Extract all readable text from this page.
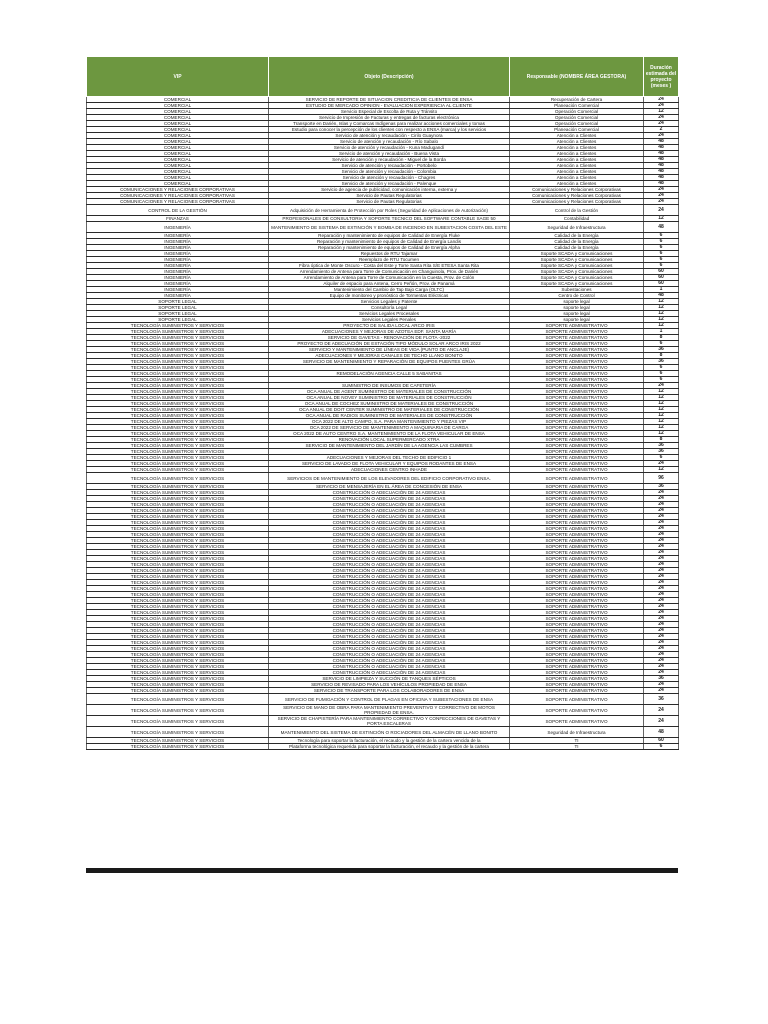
VIP	Objeto (Descripción)	Responsable (NOMBRE ÁREA GESTORA)	Duración estimada del proyecto (meses )
COMERCIAL	SERVICIO DE REPORTE DE SITUACION CREDITICIA DE CLIENTES DE ENSA	Recuperación de Cartera	24
COMERCIAL	ESTUDIO DE MERCADO OPINION - EVALUACION EXPERIENCIA AL CLIENTE	Planeación Comercial	24
COMERCIAL	Servicio Especial de Escolta de Ruta y Tránsito	Operación Comercial	12
COMERCIAL	Servicio de Impresión de Facturas y entregas de facturas electrónica	Operación Comercial	24
COMERCIAL	Transporte en Darién, Islas y Comarcas Indígenas para realizar acciones comerciales y tomas	Operación Comercial	24
COMERCIAL	Estudio para conocer la percepción de los clientes con respecto a ENSA (marca) y los servicios	Planeación Comercial	2
COMERCIAL	Servicio de atención y recaudación - Cirilo Guaynora	Atención a Clientes	24
COMERCIAL	Servicio de atención y recaudación - Río Sabalo	Atención a Clientes	48
COMERCIAL	Servicio de atención y recaudación - Kuna Madugandí	Atención a Clientes	48
COMERCIAL	Servicio de atención y recaudación - Buena Vista	Atención a Clientes	48
COMERCIAL	Servicio de atención y recaudación - Miguel de la Borda	Atención a Clientes	48
COMERCIAL	Servicio de atención y recaudación - Portobelo	Atención a Clientes	48
COMERCIAL	Servicio de atención y recaudación - Colombia	Atención a Clientes	48
COMERCIAL	Servicio de atención y recaudación - Chagres	Atención a Clientes	48
COMERCIAL	Servicio de atención y recaudación - Palenque	Atención a Clientes	48
COMUNICACIONES Y RELACIONES CORPORATIVAS	Servicio de agencia de publicidad, comunicación interna, externa y	Comunicaciones y Relaciones Corporativas	24
COMUNICACIONES Y RELACIONES CORPORATIVAS	Servicio de Pautas Regulatorias	Comunicaciones y Relaciones Corporativas	24
COMUNICACIONES Y RELACIONES CORPORATIVAS	Servicio de Pautas Regulatorias	Comunicaciones y Relaciones Corporativas	24
CONTROL DE LA GESTIÓN	Adquisición de Herramienta de Protección por Roles (Seguridad de Aplicaciones de Autorización)	Control de la Gestión	24
FINANZAS	PROFESIONALES DE CONSULTORIA Y SOPORTE TECNICO DEL SOFTWARE CONTABLE SAGE 50	Contabilidad	12
INGENIERÍA	MANTENIMIENTO DE SISTEMA DE EXTINCIÓN Y BOMBA DE INCENDIO EN SUBESTACION COSTA DEL ESTE	Seguridad de Infraestructura	48
INGENIERÍA	Reparación y mantenimiento de equipos de Calidad de Energía Fluke	Calidad de la Energía	6
INGENIERÍA	Reparación y mantenimiento de equipos de Calidad de Energía Landis	Calidad de la Energía	6
INGENIERÍA	Reparación y mantenimiento de equipos de Calidad de Energía Alpha	Calidad de la Energía	6
INGENIERÍA	Repuestos de RTU Tajamar	Soporte SCADA y Comunicaciones	6
INGENIERÍA	Reemplazo de RTU Tocumen	Soporte SCADA y Comunicaciones	6
INGENIERÍA	Fibra óptica de Monte Oscuro - Costa del Este y Torre Santa Rita S/E ETESA Santa Rita	Soporte SCADA y Comunicaciones	6
INGENIERÍA	Arrendamiento de Antena para Torre de Comunicación en Changuinola, Prov. de Darién	Soporte SCADA y Comunicaciones	60
INGENIERÍA	Arrendamiento de Antena para Torre de Comunicación en la Cuesta, Prov. de Colón	Soporte SCADA y Comunicaciones	60
INGENIERÍA	Alquiler de espacio para Antena, Cerro Peñón, Prov. de Panamá	Soporte SCADA y Comunicaciones	60
INGENIERÍA	Mantenimiento del Cambio de Tap Bajo Carga (OLTC)	Subestaciones	1
INGENIERÍA	Equipo de monitoreo y pronóstico de Tormentas Eléctricas	Centro de Control	48
SOPORTE LEGAL	Servicios Legales y Patente	soporte legal	12
SOPORTE LEGAL	Consultoría Legal	soporte legal	12
SOPORTE LEGAL	Servicios Legales Procesales	soporte legal	12
SOPORTE LEGAL	Servicios Legales Penales	soporte legal	12
TECNOLOGÍA SUMINISTROS Y SERVICIOS	PROYECTO DE SALIDA LOCAL ARCO IRIS	SOPORTE ADMINISTRATIVO	12
TECNOLOGÍA SUMINISTROS Y SERVICIOS	ADECUACIONES Y MEJORAS DE AZOTEA EDF. SANTA MARÍA	SOPORTE ADMINISTRATIVO	1
TECNOLOGÍA SUMINISTROS Y SERVICIOS	SERVICIO DE GAVETAS - RENOVACIÓN DE FLOTA -2022	SOPORTE ADMINISTRATIVO	8
TECNOLOGÍA SUMINISTROS Y SERVICIOS	PROYECTO DE ADECUACIÓN DE ESTACIÓN TIPO MÓDULO SOLAR ARCO IRIS 2022	SOPORTE ADMINISTRATIVO	6
TECNOLOGÍA SUMINISTROS Y SERVICIOS	SERVICIO Y MANTENIMIENTO DE LÍNEAS DE VIDA (PUNTO DE ANCLAJE)	SOPORTE ADMINISTRATIVO	36
TECNOLOGÍA SUMINISTROS Y SERVICIOS	ADECUACIONES Y MEJORAS CANALES DE TECHO LLANO BONITO	SOPORTE ADMINISTRATIVO	8
TECNOLOGÍA SUMINISTROS Y SERVICIOS	SERVICIO DE MANTENIMIENTO Y REPARACIÓN DE EQUIPOS PUENTES GRÚA	SOPORTE ADMINISTRATIVO	36
TECNOLOGÍA SUMINISTROS Y SERVICIOS		SOPORTE ADMINISTRATIVO	6
TECNOLOGÍA SUMINISTROS Y SERVICIOS	REMODELACIÓN AGENCIA CALLE 5 SABANITAS	SOPORTE ADMINISTRATIVO	6
TECNOLOGÍA SUMINISTROS Y SERVICIOS		SOPORTE ADMINISTRATIVO	6
TECNOLOGÍA SUMINISTROS Y SERVICIOS	SUMINISTRO DE INSUMOS DE CAFETERÍA	SOPORTE ADMINISTRATIVO	24
TECNOLOGÍA SUMINISTROS Y SERVICIOS	OCA ANUAL DE AGENT SUMINISTRO DE MATERIALES DE CONSTRUCCIÓN	SOPORTE ADMINISTRATIVO	12
TECNOLOGÍA SUMINISTROS Y SERVICIOS	OCA ANUAL DE NOVEY SUMINISTRO DE MATERIALES DE CONSTRUCCIÓN	SOPORTE ADMINISTRATIVO	12
TECNOLOGÍA SUMINISTROS Y SERVICIOS	OCA ANUAL DE COCHEZ SUMINISTRO DE MATERIALES DE CONSTRUCCIÓN	SOPORTE ADMINISTRATIVO	12
TECNOLOGÍA SUMINISTROS Y SERVICIOS	OCA ANUAL DE DOIT CENTER SUMINISTRO DE MATERIALES DE CONSTRUCCIÓN	SOPORTE ADMINISTRATIVO	12
TECNOLOGÍA SUMINISTROS Y SERVICIOS	OCA ANUAL DE RADIOS SUMINISTRO DE MATERIALES DE CONSTRUCCIÓN	SOPORTE ADMINISTRATIVO	12
TECNOLOGÍA SUMINISTROS Y SERVICIOS	OCA 2022 DE ALTO CAMPO, S.A. PARA MANTENIMIENTO Y PIEZAS VIP	SOPORTE ADMINISTRATIVO	12
TECNOLOGÍA SUMINISTROS Y SERVICIOS	OCA 2022 DE SERVICIO DE MANTENIMIENTO A MAQUINARIA DE CARGA	SOPORTE ADMINISTRATIVO	12
TECNOLOGÍA SUMINISTROS Y SERVICIOS	OCA 2022 DE AUTO CENTRO S.A. MANTENIMIENTO DE LA FLOTA VEHICULAR DE ENSA	SOPORTE ADMINISTRATIVO	12
TECNOLOGÍA SUMINISTROS Y SERVICIOS	RENOVACIÓN LOCAL SUPERMERCADO XTRA	SOPORTE ADMINISTRATIVO	8
TECNOLOGÍA SUMINISTROS Y SERVICIOS	SERVICIO DE MANTENIMIENTO DEL JARDÍN DE LA AGENCIA LAS CUMBRES	SOPORTE ADMINISTRATIVO	36
TECNOLOGÍA SUMINISTROS Y SERVICIOS		SOPORTE ADMINISTRATIVO	36
TECNOLOGÍA SUMINISTROS Y SERVICIOS	ADECUACIONES Y MEJORAS DEL TECHO DE EDIFICIO 1	SOPORTE ADMINISTRATIVO	6
TECNOLOGÍA SUMINISTROS Y SERVICIOS	SERVICIO DE LAVADO DE FLOTA VEHICULAR Y EQUIPOS RODANTES DE ENSA	SOPORTE ADMINISTRATIVO	24
TECNOLOGÍA SUMINISTROS Y SERVICIOS	ADECUACIONES CENTRO INHADE	SOPORTE ADMINISTRATIVO	12
TECNOLOGÍA SUMINISTROS Y SERVICIOS	SERVICIOS DE MANTENIMIENTO DE LOS ELEVADORES DEL EDIFICIO CORPORATIVO ENSA.	SOPORTE ADMINISTRATIVO	96
TECNOLOGÍA SUMINISTROS Y SERVICIOS	SERVICIO DE MENSAJERÍA EN EL ÁREA DE CONCESIÓN DE ENSA	SOPORTE ADMINISTRATIVO	36
TECNOLOGÍA SUMINISTROS Y SERVICIOS	CONSTRUCCIÓN O ADECUACIÓN DE 24 AGENCIAS	SOPORTE ADMINISTRATIVO	24
TECNOLOGÍA SUMINISTROS Y SERVICIOS	CONSTRUCCIÓN O ADECUACIÓN DE 24 AGENCIAS	SOPORTE ADMINISTRATIVO	24
TECNOLOGÍA SUMINISTROS Y SERVICIOS	CONSTRUCCIÓN O ADECUACIÓN DE 24 AGENCIAS	SOPORTE ADMINISTRATIVO	24
TECNOLOGÍA SUMINISTROS Y SERVICIOS	CONSTRUCCIÓN O ADECUACIÓN DE 24 AGENCIAS	SOPORTE ADMINISTRATIVO	24
TECNOLOGÍA SUMINISTROS Y SERVICIOS	CONSTRUCCIÓN O ADECUACIÓN DE 24 AGENCIAS	SOPORTE ADMINISTRATIVO	24
TECNOLOGÍA SUMINISTROS Y SERVICIOS	CONSTRUCCIÓN O ADECUACIÓN DE 24 AGENCIAS	SOPORTE ADMINISTRATIVO	24
TECNOLOGÍA SUMINISTROS Y SERVICIOS	CONSTRUCCIÓN O ADECUACIÓN DE 24 AGENCIAS	SOPORTE ADMINISTRATIVO	24
TECNOLOGÍA SUMINISTROS Y SERVICIOS	CONSTRUCCIÓN O ADECUACIÓN DE 24 AGENCIAS	SOPORTE ADMINISTRATIVO	24
TECNOLOGÍA SUMINISTROS Y SERVICIOS	CONSTRUCCIÓN O ADECUACIÓN DE 24 AGENCIAS	SOPORTE ADMINISTRATIVO	24
TECNOLOGÍA SUMINISTROS Y SERVICIOS	CONSTRUCCIÓN O ADECUACIÓN DE 24 AGENCIAS	SOPORTE ADMINISTRATIVO	24
TECNOLOGÍA SUMINISTROS Y SERVICIOS	CONSTRUCCIÓN O ADECUACIÓN DE 24 AGENCIAS	SOPORTE ADMINISTRATIVO	24
TECNOLOGÍA SUMINISTROS Y SERVICIOS	CONSTRUCCIÓN O ADECUACIÓN DE 24 AGENCIAS	SOPORTE ADMINISTRATIVO	24
TECNOLOGÍA SUMINISTROS Y SERVICIOS	CONSTRUCCIÓN O ADECUACIÓN DE 24 AGENCIAS	SOPORTE ADMINISTRATIVO	24
TECNOLOGÍA SUMINISTROS Y SERVICIOS	CONSTRUCCIÓN O ADECUACIÓN DE 24 AGENCIAS	SOPORTE ADMINISTRATIVO	24
TECNOLOGÍA SUMINISTROS Y SERVICIOS	CONSTRUCCIÓN O ADECUACIÓN DE 24 AGENCIAS	SOPORTE ADMINISTRATIVO	24
TECNOLOGÍA SUMINISTROS Y SERVICIOS	CONSTRUCCIÓN O ADECUACIÓN DE 24 AGENCIAS	SOPORTE ADMINISTRATIVO	24
TECNOLOGÍA SUMINISTROS Y SERVICIOS	CONSTRUCCIÓN O ADECUACIÓN DE 24 AGENCIAS	SOPORTE ADMINISTRATIVO	24
TECNOLOGÍA SUMINISTROS Y SERVICIOS	CONSTRUCCIÓN O ADECUACIÓN DE 24 AGENCIAS	SOPORTE ADMINISTRATIVO	24
TECNOLOGÍA SUMINISTROS Y SERVICIOS	CONSTRUCCIÓN O ADECUACIÓN DE 24 AGENCIAS	SOPORTE ADMINISTRATIVO	24
TECNOLOGÍA SUMINISTROS Y SERVICIOS	CONSTRUCCIÓN O ADECUACIÓN DE 24 AGENCIAS	SOPORTE ADMINISTRATIVO	24
TECNOLOGÍA SUMINISTROS Y SERVICIOS	CONSTRUCCIÓN O ADECUACIÓN DE 24 AGENCIAS	SOPORTE ADMINISTRATIVO	24
TECNOLOGÍA SUMINISTROS Y SERVICIOS	CONSTRUCCIÓN O ADECUACIÓN DE 24 AGENCIAS	SOPORTE ADMINISTRATIVO	24
TECNOLOGÍA SUMINISTROS Y SERVICIOS	CONSTRUCCIÓN O ADECUACIÓN DE 24 AGENCIAS	SOPORTE ADMINISTRATIVO	24
TECNOLOGÍA SUMINISTROS Y SERVICIOS	CONSTRUCCIÓN O ADECUACIÓN DE 24 AGENCIAS	SOPORTE ADMINISTRATIVO	24
TECNOLOGÍA SUMINISTROS Y SERVICIOS	CONSTRUCCIÓN O ADECUACIÓN DE 24 AGENCIAS	SOPORTE ADMINISTRATIVO	24
TECNOLOGÍA SUMINISTROS Y SERVICIOS	CONSTRUCCIÓN O ADECUACIÓN DE 24 AGENCIAS	SOPORTE ADMINISTRATIVO	24
TECNOLOGÍA SUMINISTROS Y SERVICIOS	CONSTRUCCIÓN O ADECUACIÓN DE 24 AGENCIAS	SOPORTE ADMINISTRATIVO	24
TECNOLOGÍA SUMINISTROS Y SERVICIOS	CONSTRUCCIÓN O ADECUACIÓN DE 24 AGENCIAS	SOPORTE ADMINISTRATIVO	24
TECNOLOGÍA SUMINISTROS Y SERVICIOS	CONSTRUCCIÓN O ADECUACIÓN DE 24 AGENCIAS	SOPORTE ADMINISTRATIVO	24
TECNOLOGÍA SUMINISTROS Y SERVICIOS	CONSTRUCCIÓN O ADECUACIÓN DE 24 AGENCIAS	SOPORTE ADMINISTRATIVO	24
TECNOLOGÍA SUMINISTROS Y SERVICIOS	CONSTRUCCIÓN O ADECUACIÓN DE 24 AGENCIAS	SOPORTE ADMINISTRATIVO	24
TECNOLOGÍA SUMINISTROS Y SERVICIOS	SERVICIO DE LIMPIEZA Y SUCCIÓN DE TANQUES SÉPTICOS	SOPORTE ADMINISTRATIVO	36
TECNOLOGÍA SUMINISTROS Y SERVICIOS	SERVICIO DE REVISADO PARA LOS VEHÍCULOS PROPIEDAD DE ENSA	SOPORTE ADMINISTRATIVO	24
TECNOLOGÍA SUMINISTROS Y SERVICIOS	SERVICIO DE TRANSPORTE PARA LOS COLABORADORES DE ENSA	SOPORTE ADMINISTRATIVO	24
TECNOLOGÍA SUMINISTROS Y SERVICIOS	SERVICIO DE FUMIGACIÓN Y CONTROL DE PLAGAS EN OFICINA Y SUBESTACIONES DE ENSA	SOPORTE ADMINISTRATIVO	36
TECNOLOGÍA SUMINISTROS Y SERVICIOS	SERVICIO DE MANO DE OBRA PARA MANTENIMIENTO PREVENTIVO Y CORRECTIVO DE MOTOS PROPIEDAD DE ENSA.	SOPORTE ADMINISTRATIVO	24
TECNOLOGÍA SUMINISTROS Y SERVICIOS	SERVICIO DE CHAPISTERÍA PARA MANTENIMIENTO CORRECTIVO Y CONFECCIONES DE GAVETAS Y PORTA ESCALERAS	SOPORTE ADMINISTRATIVO	24
TECNOLOGÍA SUMINISTROS Y SERVICIOS	MANTENIMIENTO DEL SISTEMA DE EXTINCIÓN O ROCIADORES DEL ALMACÉN DE LLANO BONITO	Seguridad de Infraestructura	48
TECNOLOGÍA SUMINISTROS Y SERVICIOS	Tecnología para soportar la facturación, el recaudo y la gestión de la cartera vencida de la	TI	60
TECNOLOGÍA SUMINISTROS Y SERVICIOS	Plataforma tecnológica requerida para soportar la facturación, el recaudo y la gestión de la cartera	TI	6
